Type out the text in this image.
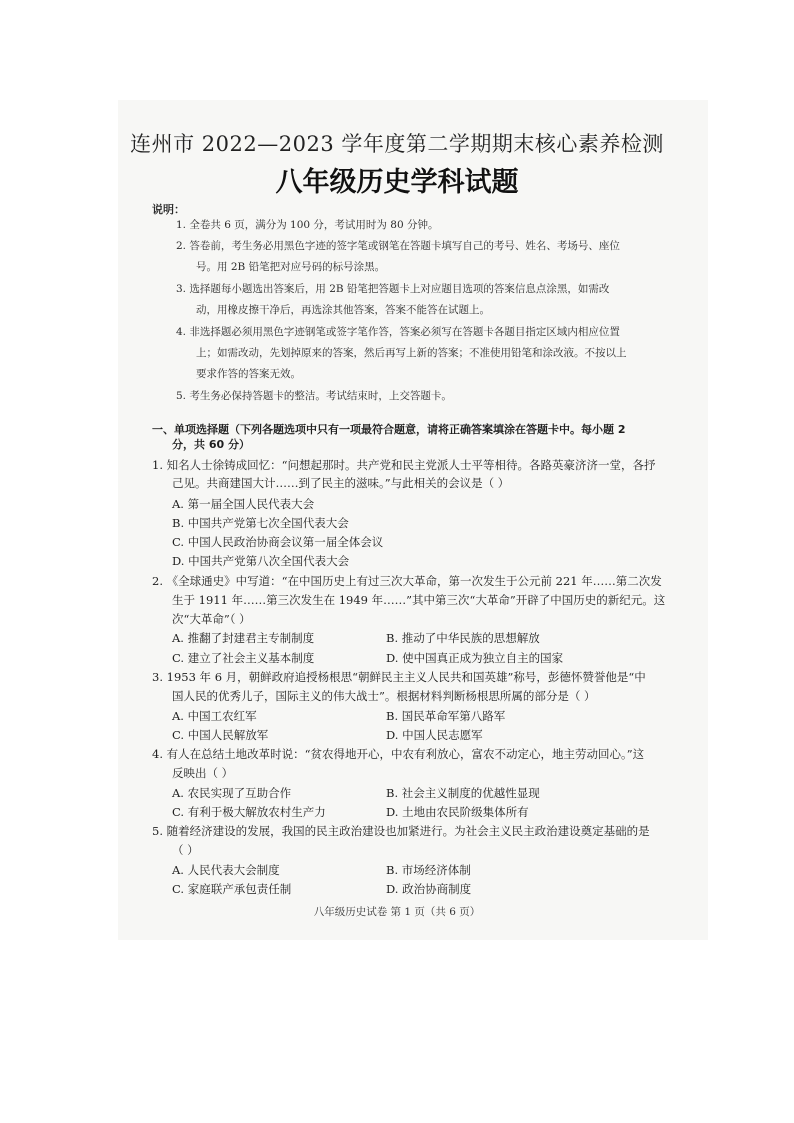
连州市 2022—2023 学年度第二学期期末核心素养检测
八年级历史学科试题
说明：
1. 全卷共 6 页，满分为 100 分，考试用时为 80 分钟。
2. 答卷前，考生务必用黑色字迹的签字笔或钢笔在答题卡填写自己的考号、姓名、考场号、座位
号。用 2B 铅笔把对应号码的标号涂黑。
3. 选择题每小题选出答案后，用 2B 铅笔把答题卡上对应题目选项的答案信息点涂黑，如需改
动，用橡皮擦干净后，再选涂其他答案，答案不能答在试题上。
4. 非选择题必须用黑色字迹钢笔或签字笔作答，答案必须写在答题卡各题目指定区域内相应位置
上；如需改动，先划掉原来的答案，然后再写上新的答案；不准使用铅笔和涂改液。不按以上
要求作答的答案无效。
5. 考生务必保持答题卡的整洁。考试结束时，上交答题卡。
一、单项选择题（下列各题选项中只有一项最符合题意，请将正确答案填涂在答题卡中。每小题 2
分，共 60 分）
1. 知名人士徐铸成回忆：“问想起那时。共产党和民主党派人士平等相待。各路英豪济济一堂，各抒
己见。共商建国大计……到了民主的滋味。”与此相关的会议是（ ）
A. 第一届全国人民代表大会
B. 中国共产党第七次全国代表大会
C. 中国人民政治协商会议第一届全体会议
D. 中国共产党第八次全国代表大会
2. 《全球通史》中写道：“在中国历史上有过三次大革命，第一次发生于公元前 221 年……第二次发
生于 1911 年……第三次发生在 1949 年……”其中第三次“大革命”开辟了中国历史的新纪元。这
次“大革命”（ ）
A. 推翻了封建君主专制制度	B. 推动了中华民族的思想解放
C. 建立了社会主义基本制度	D. 使中国真正成为独立自主的国家
3. 1953 年 6 月，朝鲜政府追授杨根思“朝鲜民主主义人民共和国英雄”称号，彭德怀赞誉他是“中
国人民的优秀儿子，国际主义的伟大战士”。根据材料判断杨根思所属的部分是（ ）
A. 中国工农红军	B. 国民革命军第八路军
C. 中国人民解放军	D. 中国人民志愿军
4. 有人在总结土地改革时说：“贫农得地开心，中农有利放心，富农不动定心，地主劳动回心。”这
反映出（ ）
A. 农民实现了互助合作	B. 社会主义制度的优越性显现
C. 有利于极大解放农村生产力	D. 土地由农民阶级集体所有
5. 随着经济建设的发展，我国的民主政治建设也加紧进行。为社会主义民主政治建设奠定基础的是
（ ）
A. 人民代表大会制度	B. 市场经济体制
C. 家庭联产承包责任制	D. 政治协商制度
八年级历史试卷 第 1 页（共 6 页）
